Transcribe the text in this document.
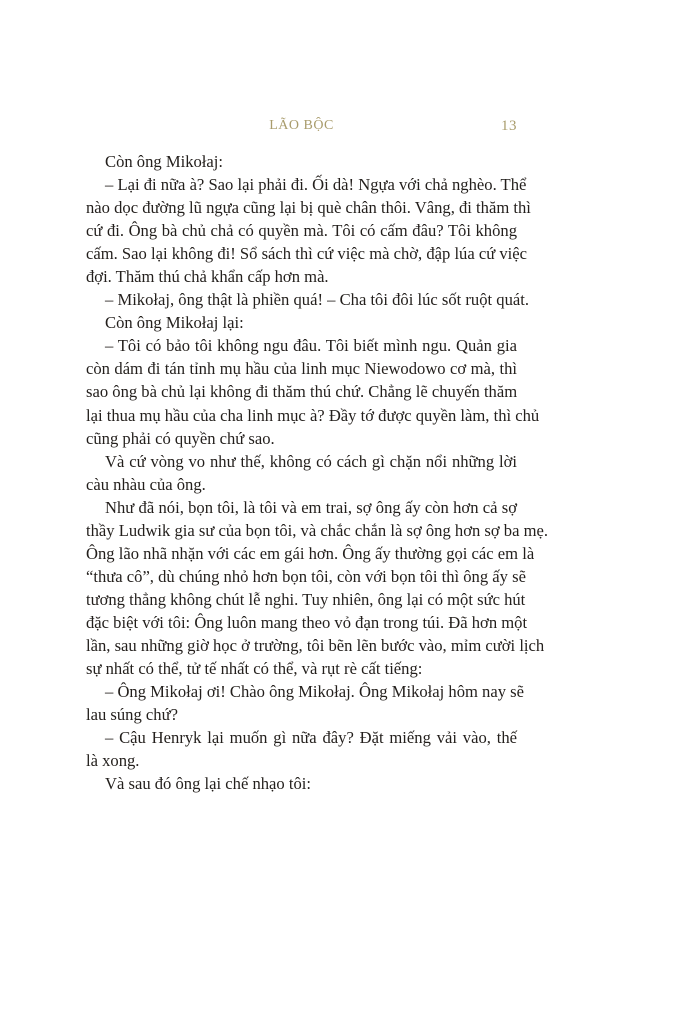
LÃO BỘC	13
Còn ông Mikołaj:
– Lại đi nữa à? Sao lại phải đi. Ối dà! Ngựa với chả nghèo. Thể
nào dọc đường lũ ngựa cũng lại bị què chân thôi. Vâng, đi thăm thì
cứ đi. Ông bà chủ chả có quyền mà. Tôi có cấm đâu? Tôi không
cấm. Sao lại không đi! Sổ sách thì cứ việc mà chờ, đập lúa cứ việc
đợi. Thăm thú chả khẩn cấp hơn mà.
– Mikołaj, ông thật là phiền quá! – Cha tôi đôi lúc sốt ruột quát.
Còn ông Mikołaj lại:
– Tôi có bảo tôi không ngu đâu. Tôi biết mình ngu. Quản gia
còn dám đi tán tỉnh mụ hầu của linh mục Niewodowo cơ mà, thì
sao ông bà chủ lại không đi thăm thú chứ. Chẳng lẽ chuyến thăm
lại thua mụ hầu của cha linh mục à? Đầy tớ được quyền làm, thì chủ
cũng phải có quyền chứ sao.
Và cứ vòng vo như thế, không có cách gì chặn nổi những lời
càu nhàu của ông.
Như đã nói, bọn tôi, là tôi và em trai, sợ ông ấy còn hơn cả sợ
thầy Ludwik gia sư của bọn tôi, và chắc chắn là sợ ông hơn sợ ba mẹ.
Ông lão nhã nhặn với các em gái hơn. Ông ấy thường gọi các em là
“thưa cô”, dù chúng nhỏ hơn bọn tôi, còn với bọn tôi thì ông ấy sẽ
tương thẳng không chút lễ nghi. Tuy nhiên, ông lại có một sức hút
đặc biệt với tôi: Ông luôn mang theo vỏ đạn trong túi. Đã hơn một
lần, sau những giờ học ở trường, tôi bẽn lẽn bước vào, mỉm cười lịch
sự nhất có thể, tử tế nhất có thể, và rụt rè cất tiếng:
– Ông Mikołaj ơi! Chào ông Mikołaj. Ông Mikołaj hôm nay sẽ
lau súng chứ?
– Cậu Henryk lại muốn gì nữa đây? Đặt miếng vải vào, thế
là xong.
Và sau đó ông lại chế nhạo tôi:
